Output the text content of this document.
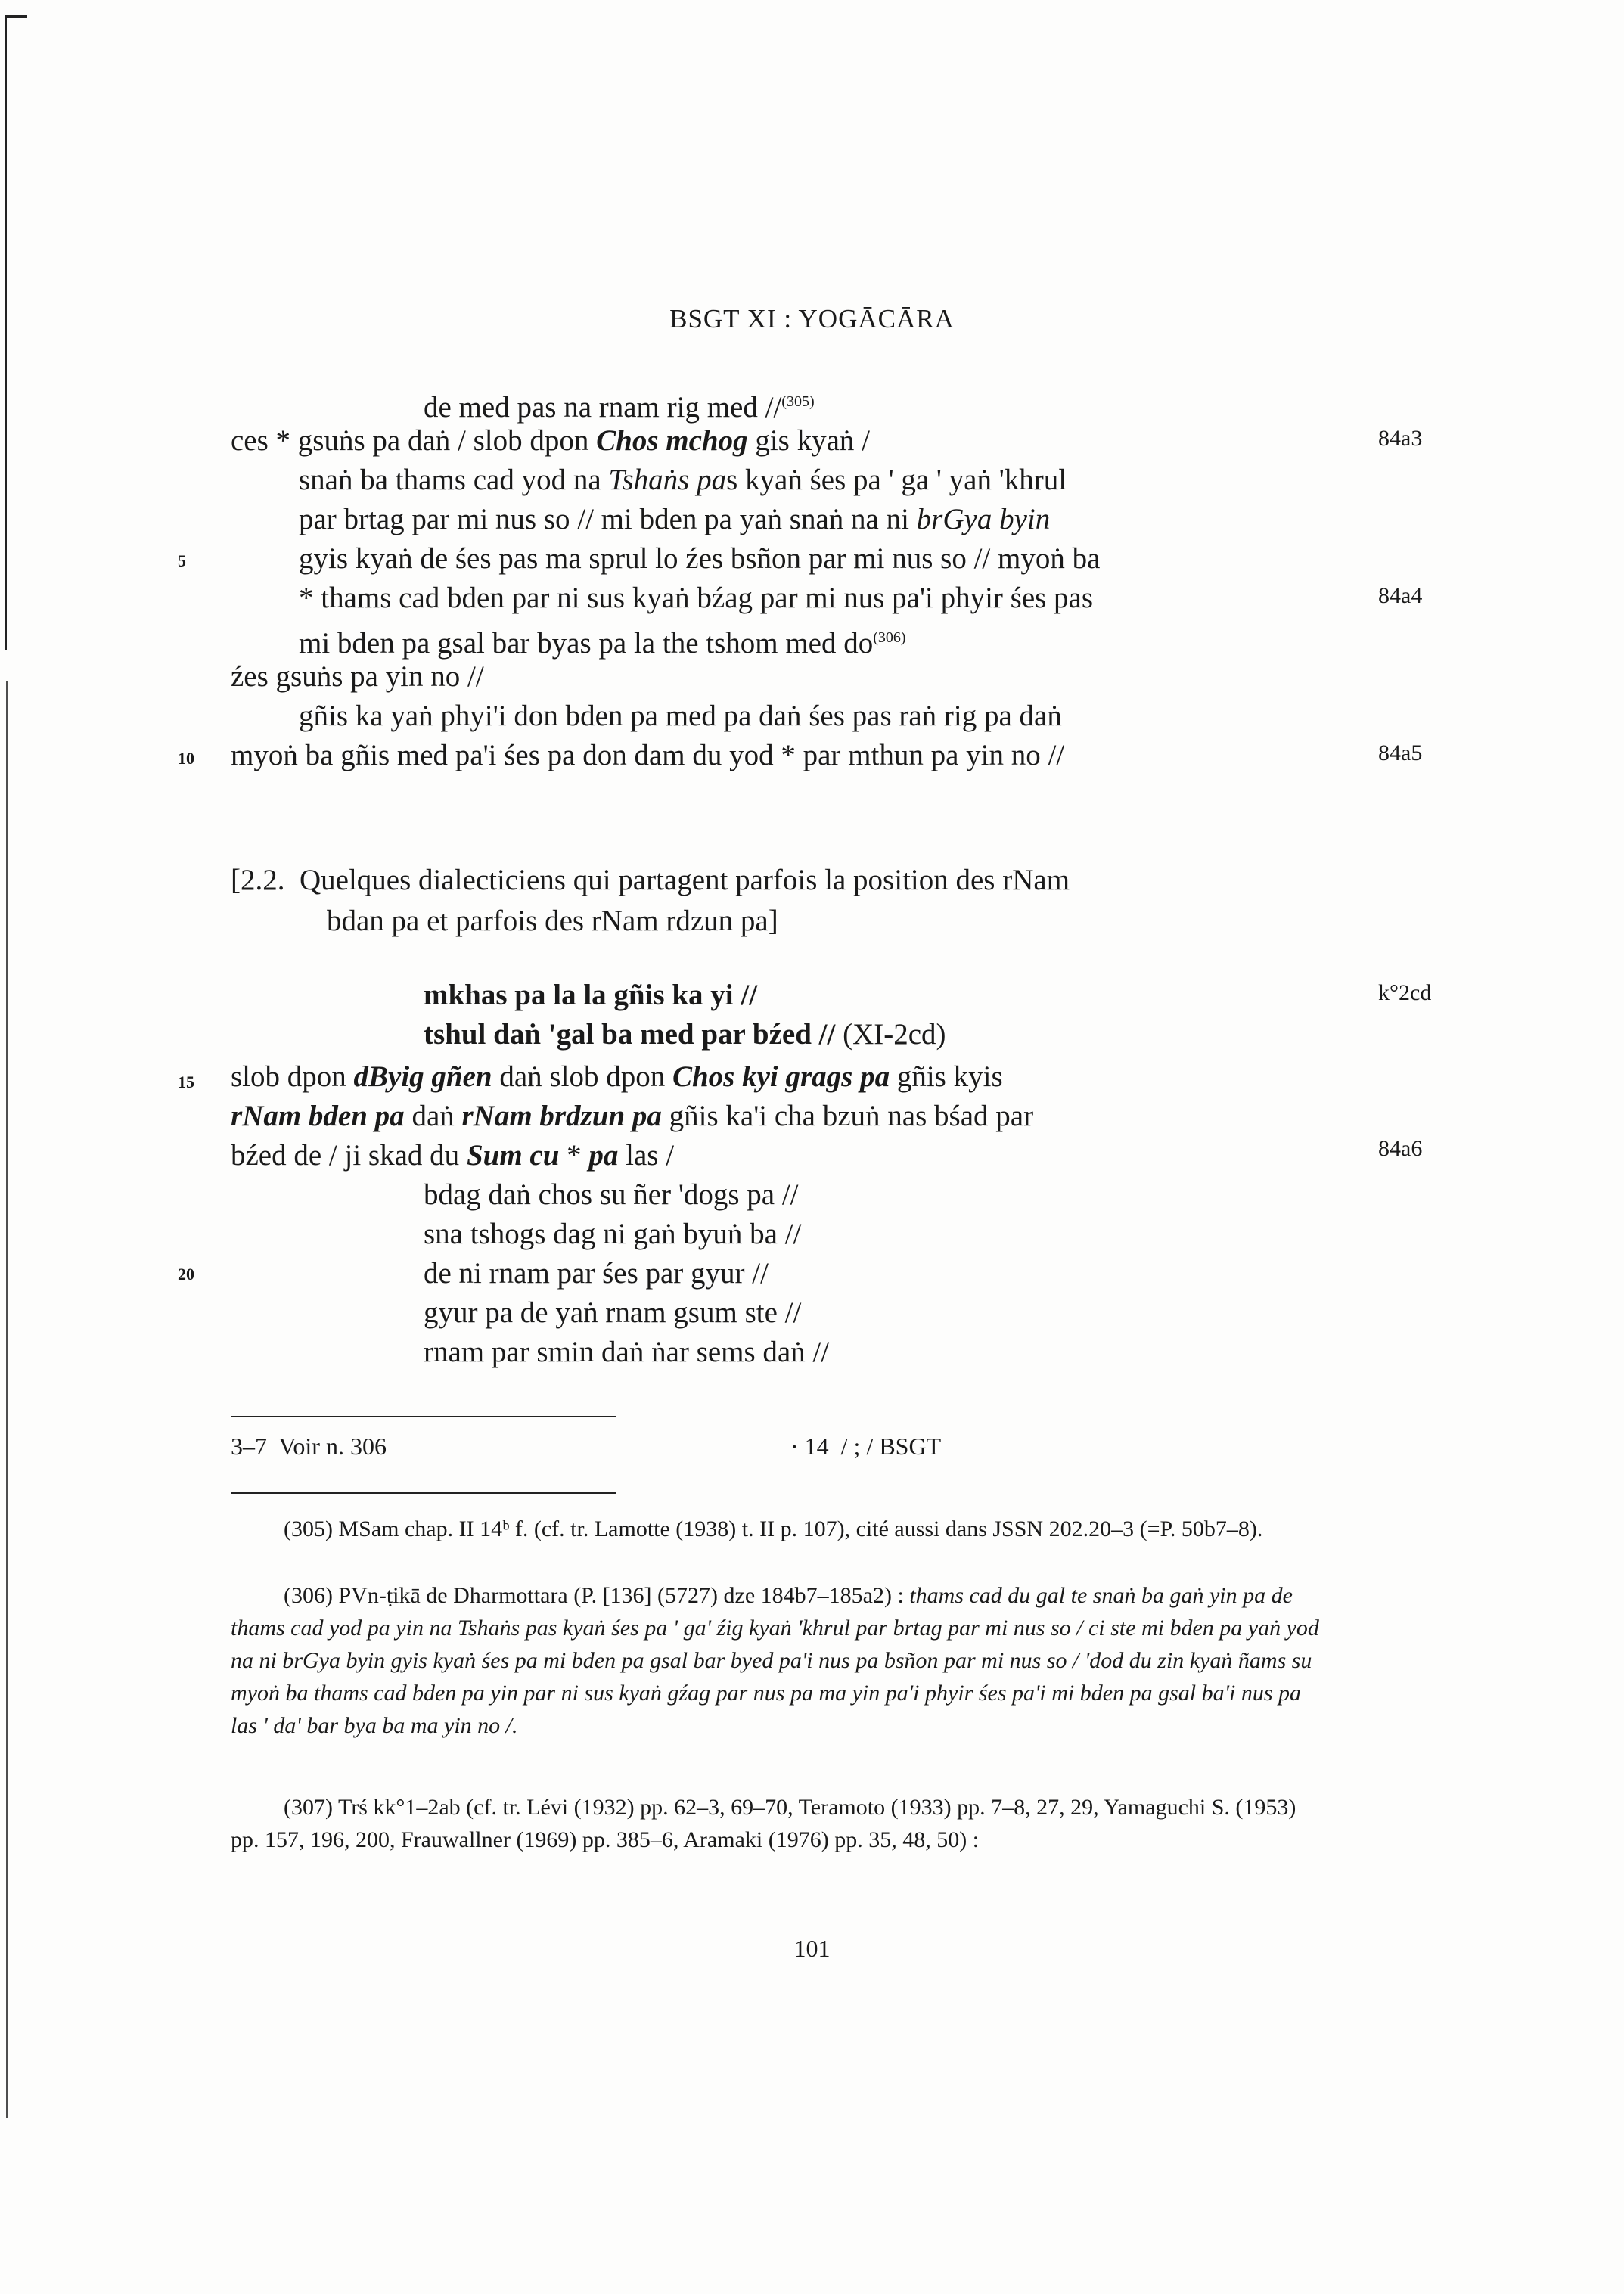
BSGT XI : YOGĀCĀRA
de med pas na rnam rig med //$^{(305)}$
ces * gsuṅs pa daṅ / slob dpon Chos mchog gis kyaṅ /
snaṅ ba thams cad yod na Tshaṅs pas kyaṅ śes pa ' ga ' yaṅ 'khrul
par brtag par mi nus so // mi bden pa yaṅ snaṅ na ni brGya byin
gyis kyaṅ de śes pas ma sprul lo źes bsñon par mi nus so // myoṅ ba
* thams cad bden par ni sus kyaṅ bźag par mi nus pa'i phyir śes pas
mi bden pa gsal bar byas pa la the tshom med $do^{(306)}$
źes gsuṅs pa yin no //
gñis ka yaṅ phyi'i don bden pa med pa daṅ śes pas raṅ rig pa daṅ
myoṅ ba gñis med pa'i śes pa don dam du yod * par mthun pa yin no //
5
10
15
20
84a3
84a4
84a5
k°2cd
84a6
[2.2.  Quelques dialecticiens qui partagent parfois la position des rNam
bdan pa et parfois des rNam rdzun pa]
mkhas pa la la gñis ka yi //
tshul daṅ 'gal ba med par bźed // (XI-2cd)
slob dpon dByig gñen daṅ slob dpon Chos kyi grags pa gñis kyis
rNam bden pa daṅ rNam brdzun pa gñis ka'i cha bzuṅ nas bśad par
bźed de / ji skad du Sum cu * pa las /
bdag daṅ chos su ñer 'dogs pa //
sna tshogs dag ni gaṅ byuṅ ba //
de ni rnam par śes par gyur //
gyur pa de yaṅ rnam gsum ste //
rnam par smin daṅ ṅar sems daṅ //
3–7  Voir n. 306	· 14  / ; / BSGT

(305) MSam chap. II 14ᵇ f. (cf. tr. Lamotte (1938) t. II p. 107), cité aussi dans JSSN 202.20–3 (=P. 50b7–8).

(306) PVn-ṭikā de Dharmottara (P. [136] (5727) dze 184b7–185a2) : thams cad du gal te snaṅ ba gaṅ yin pa de thams cad yod pa yin na Tshaṅs pas kyaṅ śes pa ' ga' źig kyaṅ 'khrul par brtag par mi nus so / ci ste mi bden pa yaṅ yod na ni brGya byin gyis kyaṅ śes pa mi bden pa gsal bar byed pa'i nus pa bsñon par mi nus so / 'dod du zin kyaṅ ñams su myoṅ ba thams cad bden pa yin par ni sus kyaṅ gźag par nus pa ma yin pa'i phyir śes pa'i mi bden pa gsal ba'i nus pa las ' da' bar bya ba ma yin no /.

(307) Trś kk°1–2ab (cf. tr. Lévi (1932) pp. 62–3, 69–70, Teramoto (1933) pp. 7–8, 27, 29, Yamaguchi S. (1953) pp. 157, 196, 200, Frauwallner (1969) pp. 385–6, Aramaki (1976) pp. 35, 48, 50) :

101
